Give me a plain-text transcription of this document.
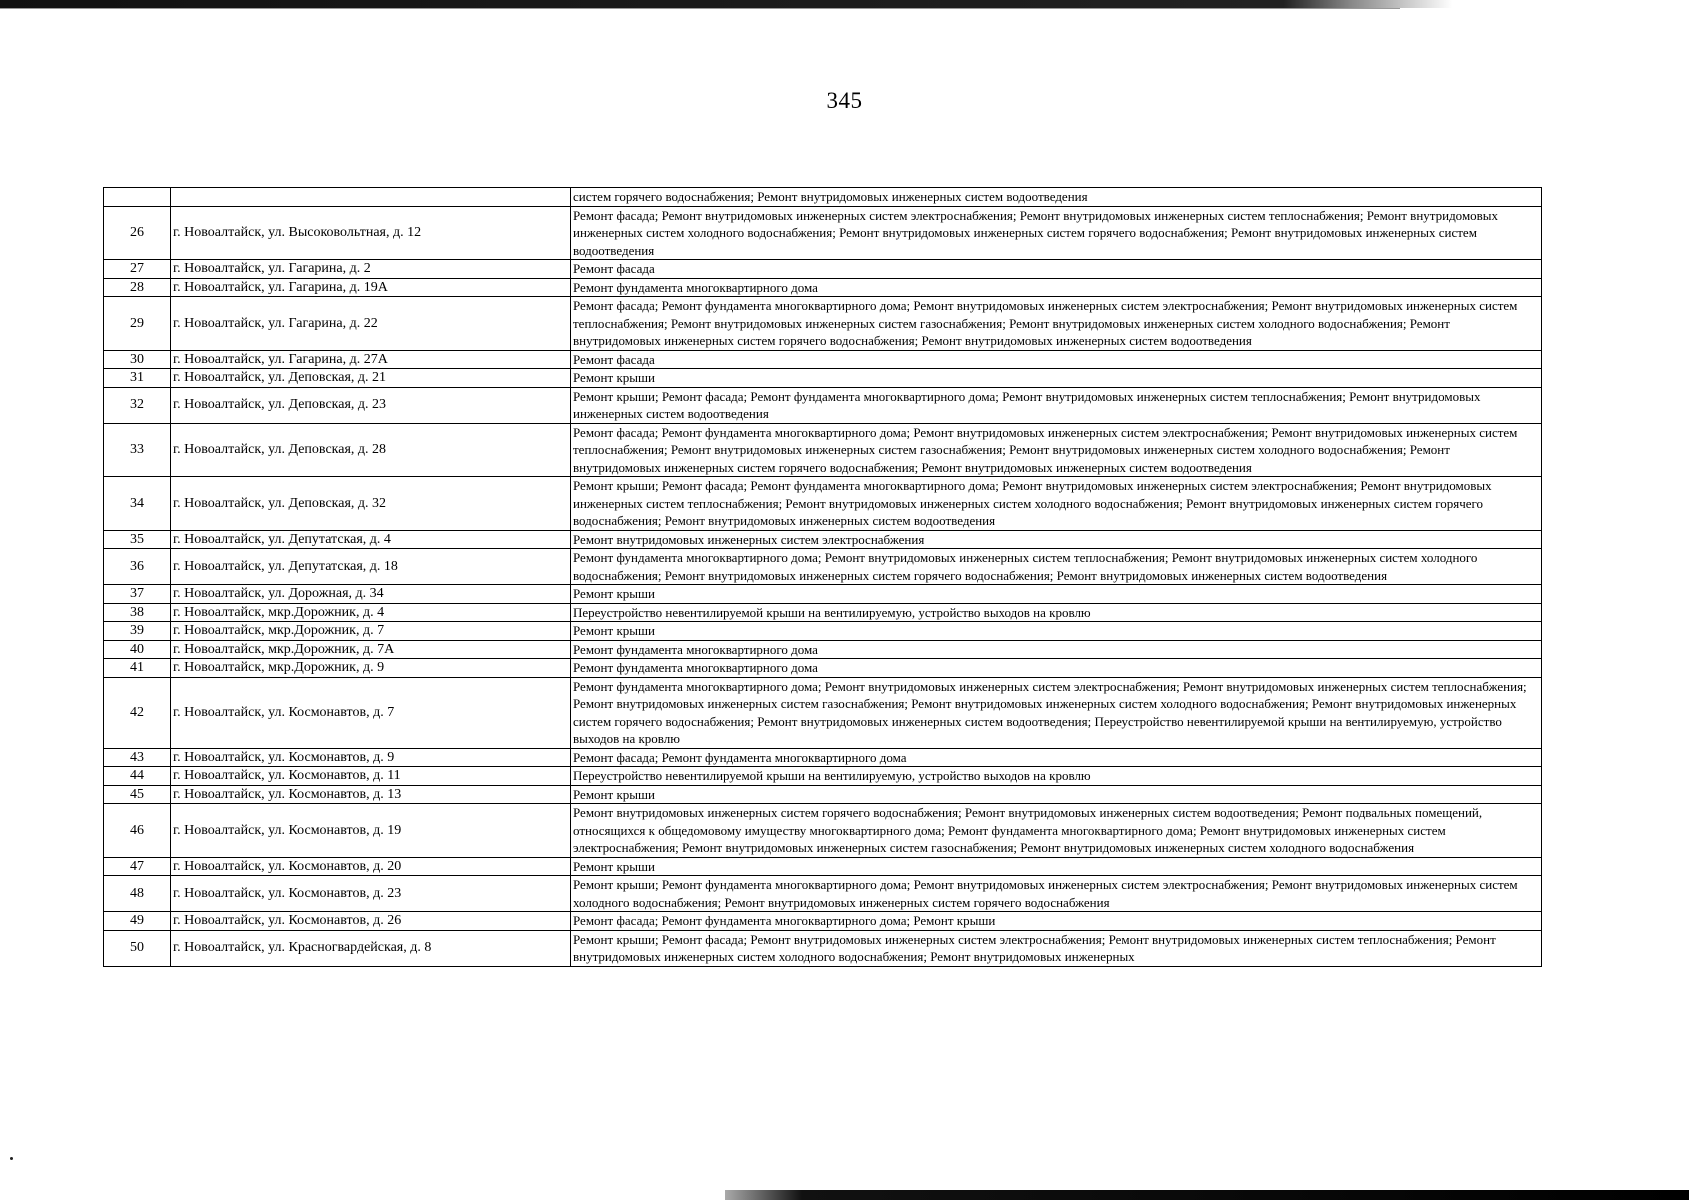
345
		систем горячего водоснабжения; Ремонт внутридомовых инженерных систем водоотведения
26	г. Новоалтайск, ул. Высоковольтная, д. 12	Ремонт фасада; Ремонт внутридомовых инженерных систем электроснабжения; Ремонт внутридомовых инженерных систем теплоснабжения; Ремонт внутридомовых инженерных систем холодного водоснабжения; Ремонт внутридомовых инженерных систем горячего водоснабжения; Ремонт внутридомовых инженерных систем водоотведения
27	г. Новоалтайск, ул. Гагарина, д. 2	Ремонт фасада
28	г. Новоалтайск, ул. Гагарина, д. 19А	Ремонт фундамента многоквартирного дома
29	г. Новоалтайск, ул. Гагарина, д. 22	Ремонт фасада; Ремонт фундамента многоквартирного дома; Ремонт внутридомовых инженерных систем электроснабжения; Ремонт внутридомовых инженерных систем теплоснабжения; Ремонт внутридомовых инженерных систем газоснабжения; Ремонт внутридомовых инженерных систем холодного водоснабжения; Ремонт внутридомовых инженерных систем горячего водоснабжения; Ремонт внутридомовых инженерных систем водоотведения
30	г. Новоалтайск, ул. Гагарина, д. 27А	Ремонт фасада
31	г. Новоалтайск, ул. Деповская, д. 21	Ремонт крыши
32	г. Новоалтайск, ул. Деповская, д. 23	Ремонт крыши; Ремонт фасада; Ремонт фундамента многоквартирного дома; Ремонт внутридомовых инженерных систем теплоснабжения; Ремонт внутридомовых инженерных систем водоотведения
33	г. Новоалтайск, ул. Деповская, д. 28	Ремонт фасада; Ремонт фундамента многоквартирного дома; Ремонт внутридомовых инженерных систем электроснабжения; Ремонт внутридомовых инженерных систем теплоснабжения; Ремонт внутридомовых инженерных систем газоснабжения; Ремонт внутридомовых инженерных систем холодного водоснабжения; Ремонт внутридомовых инженерных систем горячего водоснабжения; Ремонт внутридомовых инженерных систем водоотведения
34	г. Новоалтайск, ул. Деповская, д. 32	Ремонт крыши; Ремонт фасада; Ремонт фундамента многоквартирного дома; Ремонт внутридомовых инженерных систем электроснабжения; Ремонт внутридомовых инженерных систем теплоснабжения; Ремонт внутридомовых инженерных систем холодного водоснабжения; Ремонт внутридомовых инженерных систем горячего водоснабжения; Ремонт внутридомовых инженерных систем водоотведения
35	г. Новоалтайск, ул. Депутатская, д. 4	Ремонт внутридомовых инженерных систем электроснабжения
36	г. Новоалтайск, ул. Депутатская, д. 18	Ремонт фундамента многоквартирного дома; Ремонт внутридомовых инженерных систем теплоснабжения; Ремонт внутридомовых инженерных систем холодного водоснабжения; Ремонт внутридомовых инженерных систем горячего водоснабжения; Ремонт внутридомовых инженерных систем водоотведения
37	г. Новоалтайск, ул. Дорожная, д. 34	Ремонт крыши
38	г. Новоалтайск, мкр.Дорожник, д. 4	Переустройство невентилируемой крыши на вентилируемую, устройство выходов на кровлю
39	г. Новоалтайск, мкр.Дорожник, д. 7	Ремонт крыши
40	г. Новоалтайск, мкр.Дорожник, д. 7А	Ремонт фундамента многоквартирного дома
41	г. Новоалтайск, мкр.Дорожник, д. 9	Ремонт фундамента многоквартирного дома
42	г. Новоалтайск, ул. Космонавтов, д. 7	Ремонт фундамента многоквартирного дома; Ремонт внутридомовых инженерных систем электроснабжения; Ремонт внутридомовых инженерных систем теплоснабжения; Ремонт внутридомовых инженерных систем газоснабжения; Ремонт внутридомовых инженерных систем холодного водоснабжения; Ремонт внутридомовых инженерных систем горячего водоснабжения; Ремонт внутридомовых инженерных систем водоотведения; Переустройство невентилируемой крыши на вентилируемую, устройство выходов на кровлю
43	г. Новоалтайск, ул. Космонавтов, д. 9	Ремонт фасада; Ремонт фундамента многоквартирного дома
44	г. Новоалтайск, ул. Космонавтов, д. 11	Переустройство невентилируемой крыши на вентилируемую, устройство выходов на кровлю
45	г. Новоалтайск, ул. Космонавтов, д. 13	Ремонт крыши
46	г. Новоалтайск, ул. Космонавтов, д. 19	Ремонт внутридомовых инженерных систем горячего водоснабжения; Ремонт внутридомовых инженерных систем водоотведения; Ремонт подвальных помещений, относящихся к общедомовому имуществу многоквартирного дома; Ремонт фундамента многоквартирного дома; Ремонт внутридомовых инженерных систем электроснабжения; Ремонт внутридомовых инженерных систем газоснабжения; Ремонт внутридомовых инженерных систем холодного водоснабжения
47	г. Новоалтайск, ул. Космонавтов, д. 20	Ремонт крыши
48	г. Новоалтайск, ул. Космонавтов, д. 23	Ремонт крыши; Ремонт фундамента многоквартирного дома; Ремонт внутридомовых инженерных систем электроснабжения; Ремонт внутридомовых инженерных систем холодного водоснабжения; Ремонт внутридомовых инженерных систем горячего водоснабжения
49	г. Новоалтайск, ул. Космонавтов, д. 26	Ремонт фасада; Ремонт фундамента многоквартирного дома; Ремонт крыши
50	г. Новоалтайск, ул. Красногвардейская, д. 8	Ремонт крыши; Ремонт фасада; Ремонт внутридомовых инженерных систем электроснабжения; Ремонт внутридомовых инженерных систем теплоснабжения; Ремонт внутридомовых инженерных систем холодного водоснабжения; Ремонт внутридомовых инженерных
